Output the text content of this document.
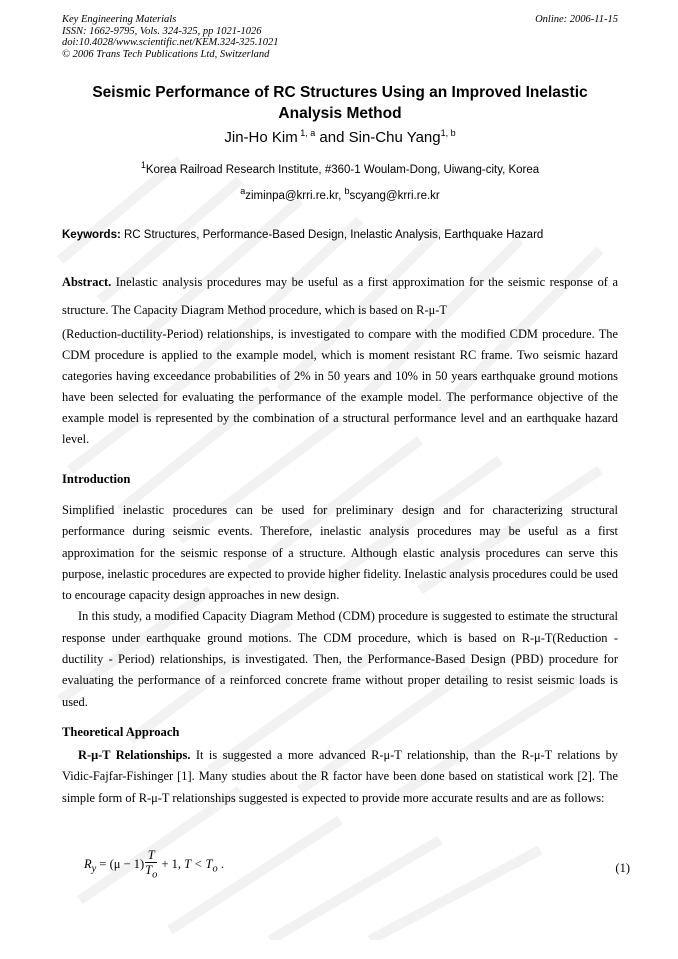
Key Engineering Materials
ISSN: 1662-9795, Vols. 324-325, pp 1021-1026
doi:10.4028/www.scientific.net/KEM.324-325.1021
© 2006 Trans Tech Publications Ltd, Switzerland
Online: 2006-11-15
Seismic Performance of RC Structures Using an Improved Inelastic Analysis Method
Jin-Ho Kim $^{1, a}$ and Sin-Chu Yang$^{1, b}$
$^1$Korea Railroad Research Institute, #360-1 Woulam-Dong, Uiwang-city, Korea
$^a$ziminpa@krri.re.kr, $^b$scyang@krri.re.kr
Keywords: RC Structures, Performance-Based Design, Inelastic Analysis, Earthquake Hazard

Abstract. Inelastic analysis procedures may be useful as a first approximation for the seismic response of a structure. The Capacity Diagram Method procedure, which is based on R-μ-T

(Reduction-ductility-Period) relationships, is investigated to compare with the modified CDM procedure. The CDM procedure is applied to the example model, which is moment resistant RC frame. Two seismic hazard categories having exceedance probabilities of 2% in 50 years and 10% in 50 years earthquake ground motions have been selected for evaluating the performance of the example model. The performance objective of the example model is represented by the combination of a structural performance level and an earthquake hazard level.

Introduction

Simplified inelastic procedures can be used for preliminary design and for characterizing structural performance during seismic events. Therefore, inelastic analysis procedures may be useful as a first approximation for the seismic response of a structure. Although elastic analysis procedures can serve this purpose, inelastic procedures are expected to provide higher fidelity. Inelastic analysis procedures could be used to encourage capacity design approaches in new design.

In this study, a modified Capacity Diagram Method (CDM) procedure is suggested to estimate the structural response under earthquake ground motions. The CDM procedure, which is based on R-μ-T(Reduction - ductility - Period) relationships, is investigated. Then, the Performance-Based Design (PBD) procedure for evaluating the performance of a reinforced concrete frame without proper detailing to resist seismic loads is used.

Theoretical Approach

R-μ-T Relationships. It is suggested a more advanced R-μ-T relationship, than the R-μ-T relations by Vidic-Fajfar-Fishinger [1]. Many studies about the R factor have been done based on statistical work [2]. The simple form of R-μ-T relationships suggested is expected to provide more accurate results and are as follows:

$R_y = (\mu - 1) \frac{T}{T_o} + 1$, $T < T_o$ .	(1)
